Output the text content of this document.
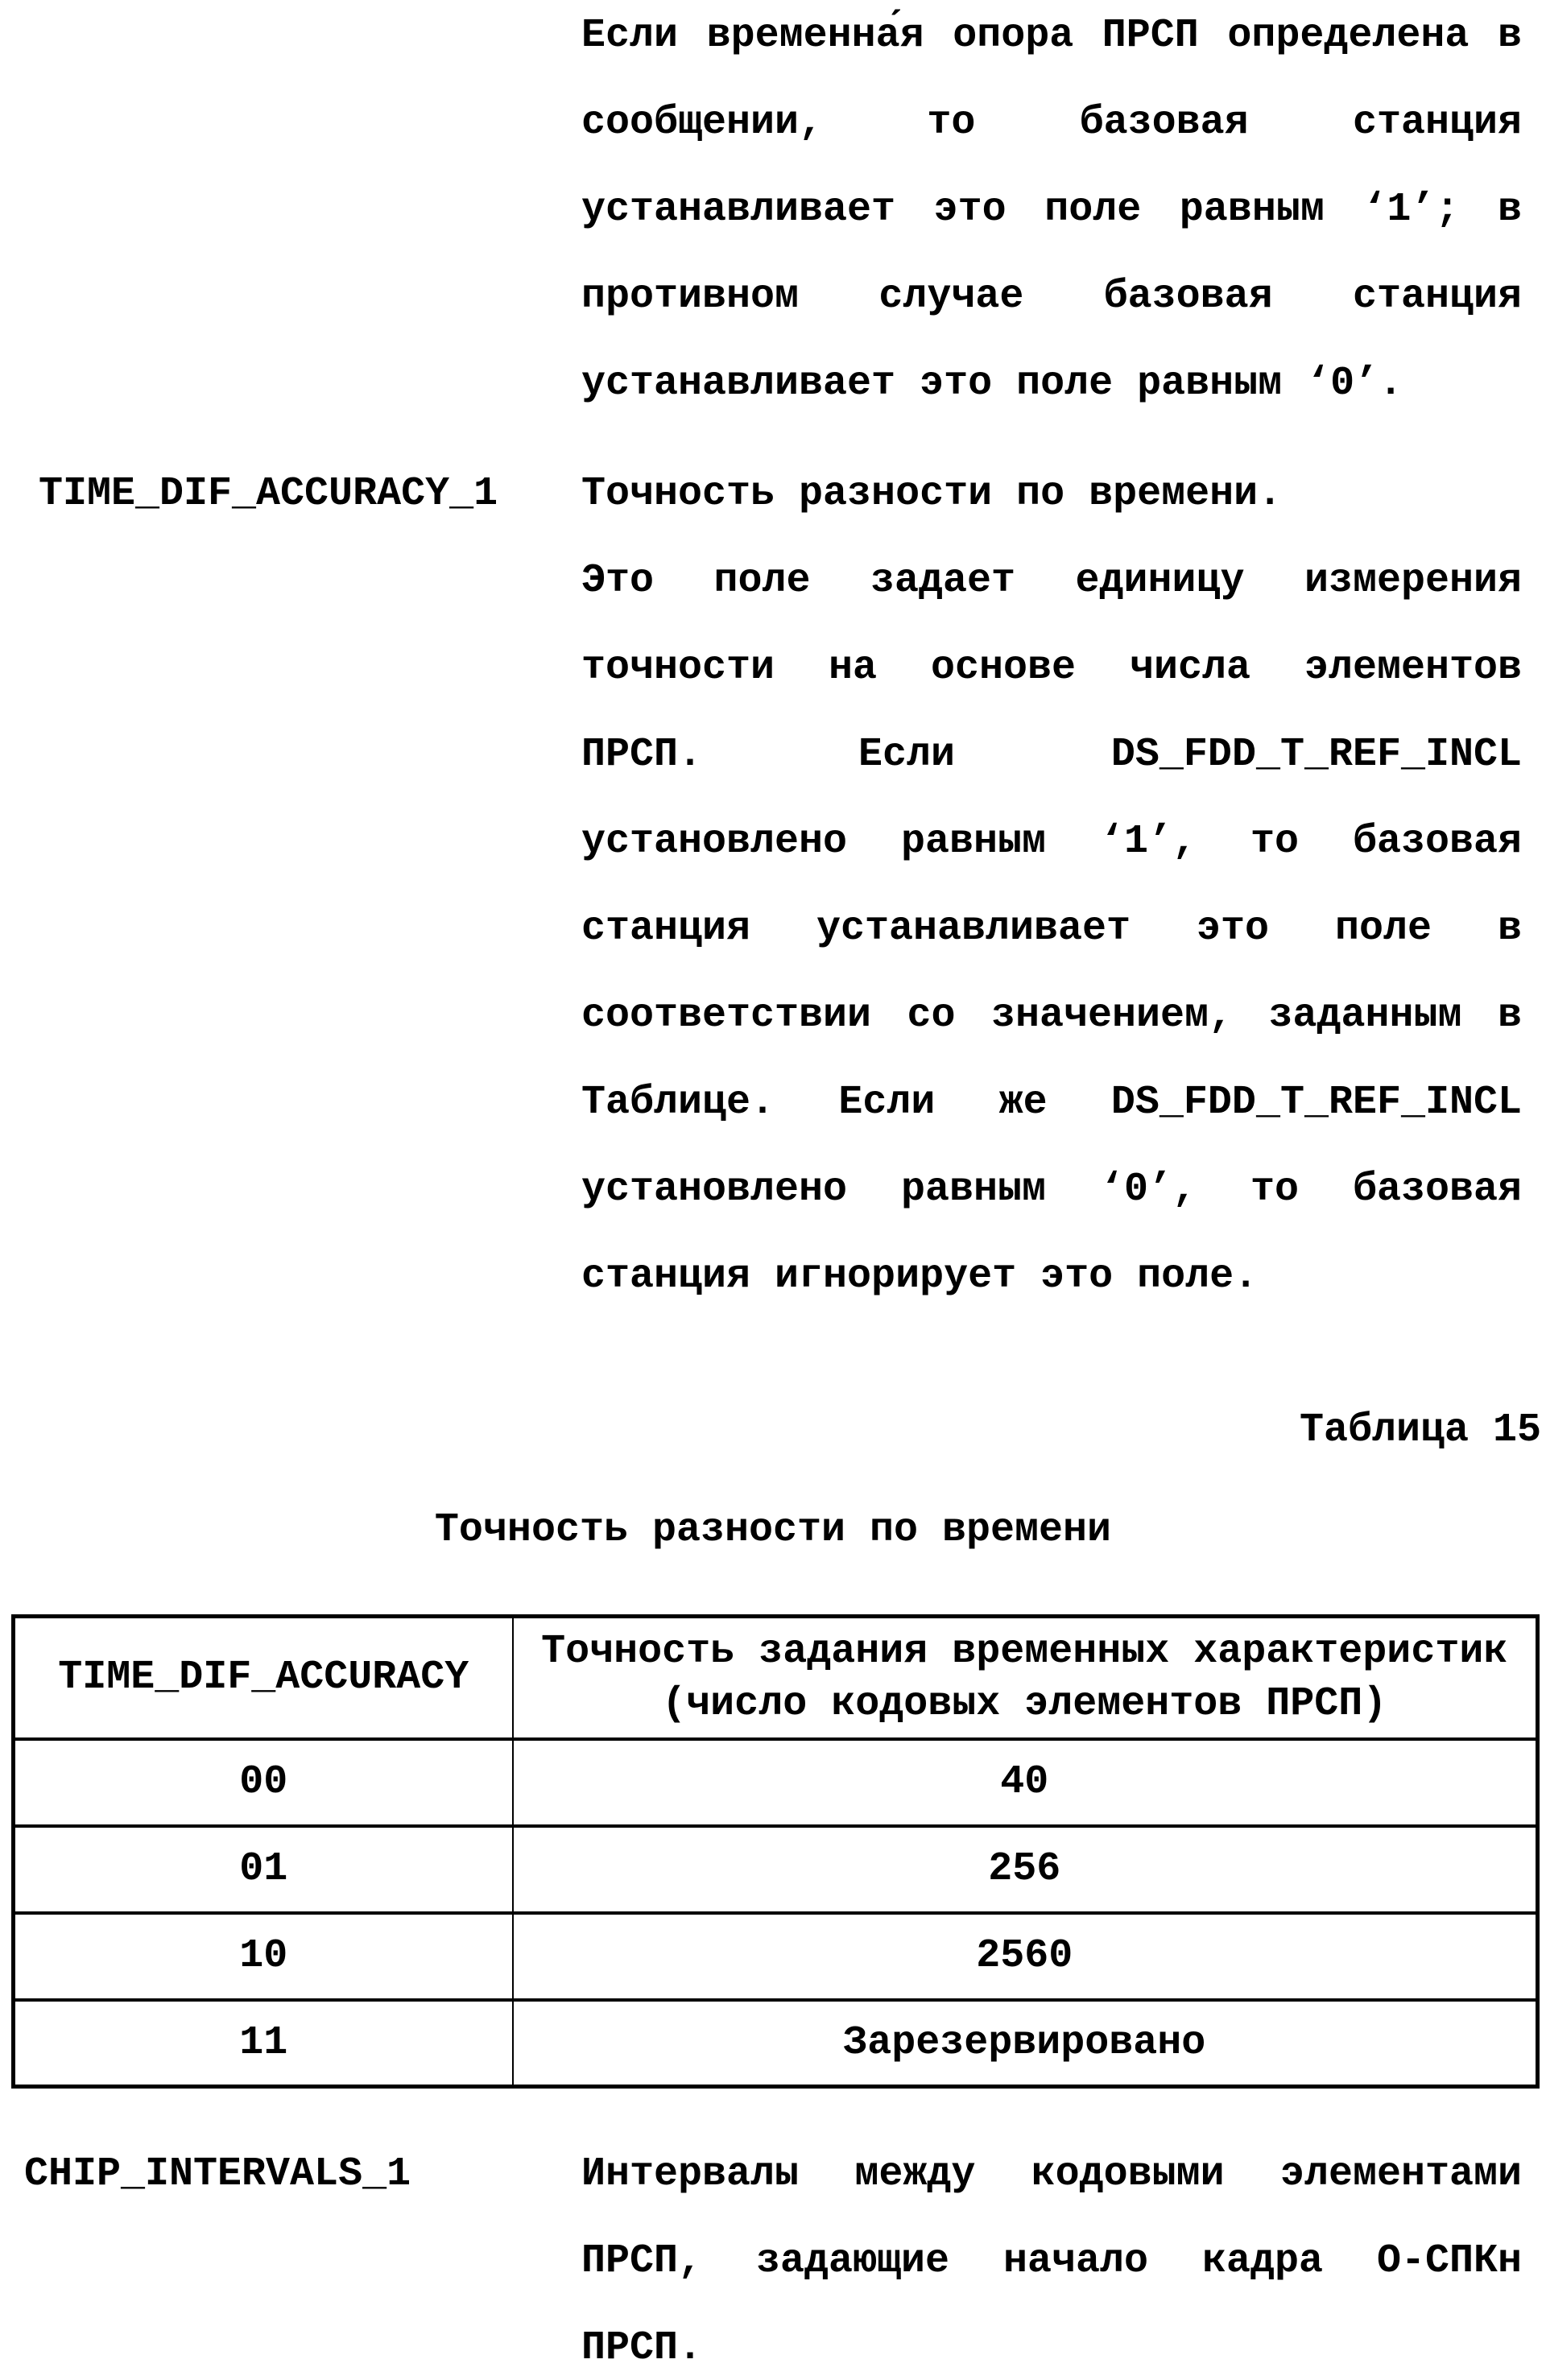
Если временна́я опора ПРСП определена в
сообщении, то базовая станция
устанавливает это поле равным ‘1’; в
противном случае базовая станция
устанавливает это поле равным ‘0’.
TIME_DIF_ACCURACY_1 Точность разности по времени.
Это поле задает единицу измерения
точности на основе числа элементов
ПРСП. Если DS_FDD_T_REF_INCL
установлено равным ‘1’, то базовая
станция устанавливает это поле в
соответствии со значением, заданным в
Таблице. Если же DS_FDD_T_REF_INCL
установлено равным ‘0’, то базовая
станция игнорирует это поле.
Таблица 15
Точность разности по времени
TIME_DIF_ACCURACY	Точность задания временных характеристик
(число кодовых элементов ПРСП)

00	40
01	256
10	2560
11	Зарезервировано
CHIP_INTERVALS_1	Интервалы между кодовыми элементами
ПРСП, задающие начало кадра О-СПКн
ПРСП.
